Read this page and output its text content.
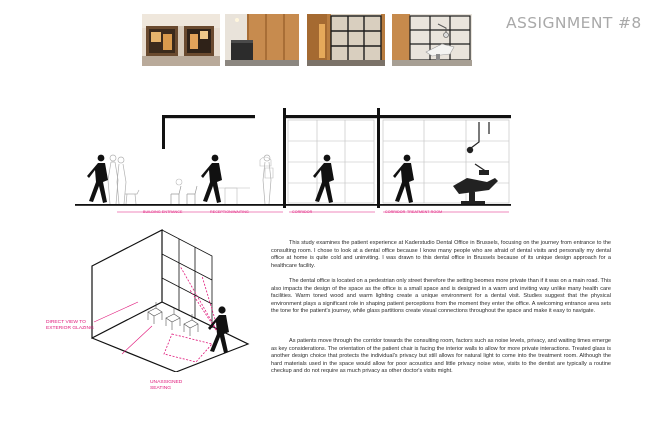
ASSIGNMENT #8
BUILDING ENTRANCE	RECEPTION/WAITING	CORRIDOR	CORRIDOR TREATMENT ROOM
DIRECT VIEW TO
EXTERIOR GLAZING
UNASSIGNED
SEATING

This study examines the patient experience at Kaderstudio Dental Office in Brussels, focusing on the journey from entrance to the consulting room. I chose to look at a dental office because I know many people who are afraid of dental visits and personally my dental office at home is quite cold and uninviting. I was drawn to this dental office in Brussels because of its unique design approach for a healthcare facility.

The dental office is located on a pedestrian only street therefore the setting beomes more private than if it was on a main road. This also impacts the design of the space as the office is a small space and is designed in a warm and inviting way unlike many health care facilities. Warm toned wood and warm lighting create a unique environment for a dental visit. Studies suggest that the physical environment plays a significant role in shaping patient perceptions from the moment they enter the office. A welcoming entrance area sets the tone for the patient's journey, while glass partitions create visual connections throughout the space and make it easy to navigate.

As patients move through the corridor towards the consulting room, factors such as noise levels, privacy, and waiting times emerge as key considerations. The orientation of the patient chair is facing the interior walls to allow for more private interactions. Treated glass is another design choice that protects the individual's privacy but still allows for natural light to come into the treatment room. Although the hard materials used in the space would allow for poor acoustics and little privacy noise wise, visits to the dentist are typically a routine checkup and do not require as much privacy as other doctor's visits might.
